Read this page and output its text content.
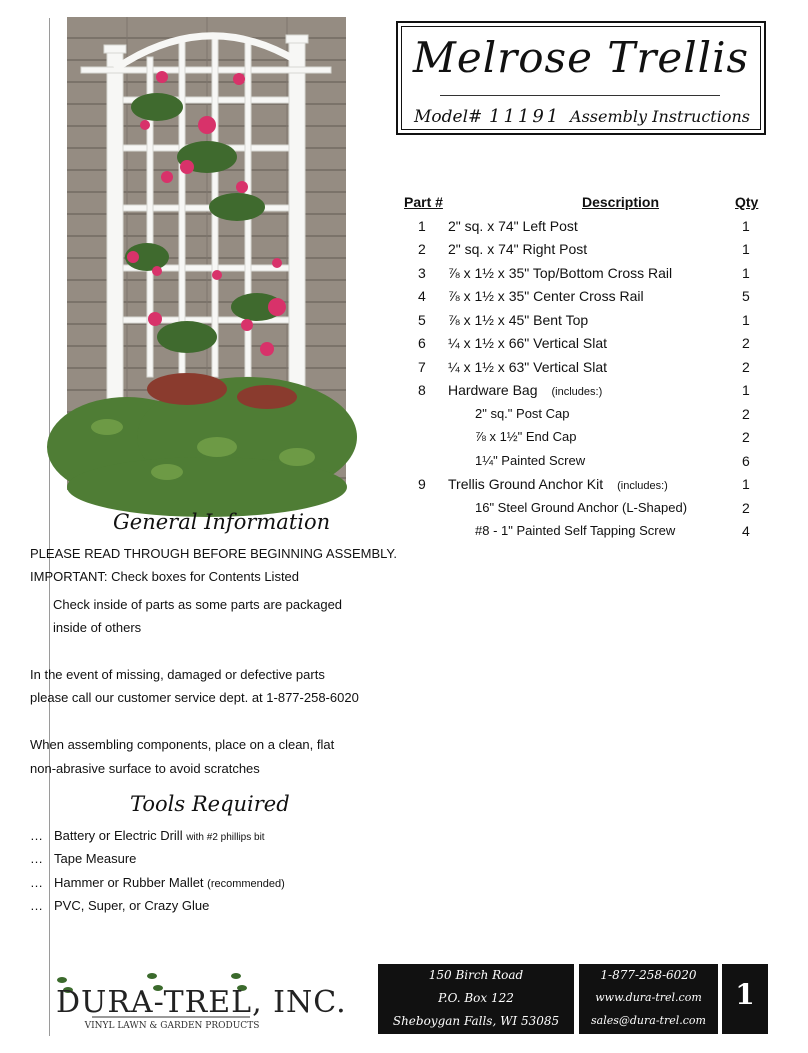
Melrose Trellis
Model# 11191 Assembly Instructions
Part #	Description	Qty
1 2" sq. x 74" Left Post	1
2 2" sq. x 74" Right Post	1
3 ⅞ x 1½ x 35" Top/Bottom Cross Rail	1
4 ⅞ x 1½ x 35" Center Cross Rail	5
5 ⅞ x 1½ x 45" Bent Top	1
6 ¼ x 1½ x 66" Vertical Slat	2
7 ¼ x 1½ x 63" Vertical Slat	2
8 Hardware Bag (includes:)	1
2" sq." Post Cap	2
⅞ x 1½" End Cap	2
1¼" Painted Screw	6
9 Trellis Ground Anchor Kit (includes:)	1
16" Steel Ground Anchor (L-Shaped)	2
#8 - 1" Painted Self Tapping Screw	4
General Information
PLEASE READ THROUGH BEFORE BEGINNING ASSEMBLY.
IMPORTANT: Check boxes for Contents Listed
Check inside of parts as some parts are packaged
inside of others
In the event of missing, damaged or defective parts
please call our customer service dept. at 1-877-258-6020
When assembling components, place on a clean, flat
non-abrasive surface to avoid scratches
Tools Required
… Battery or Electric Drill with #2 phillips bit
… Tape Measure
… Hammer or Rubber Mallet (recommended)
… PVC, Super, or Crazy Glue
DURA-TREL, INC.
VINYL LAWN & GARDEN PRODUCTS
150 Birch Road
P.O. Box 122
Sheboygan Falls, WI 53085
1-877-258-6020
www.dura-trel.com
sales@dura-trel.com
1
